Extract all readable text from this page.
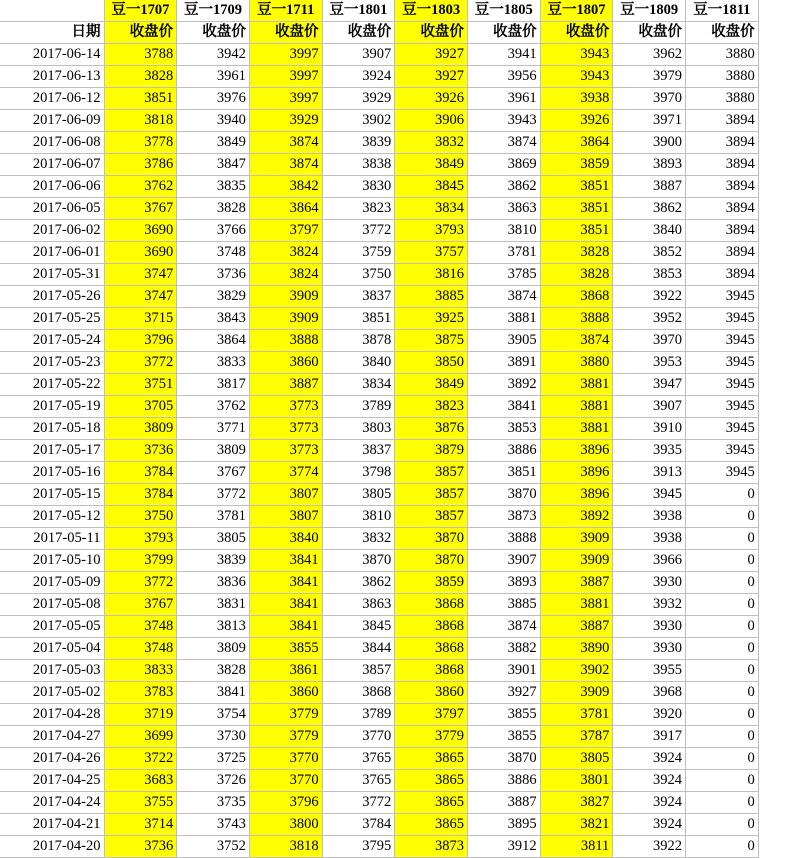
	豆一1707	豆一1709	豆一1711	豆一1801	豆一1803	豆一1805	豆一1807	豆一1809	豆一1811
日期	收盘价	收盘价	收盘价	收盘价	收盘价	收盘价	收盘价	收盘价	收盘价
2017-06-14	3788	3942	3997	3907	3927	3941	3943	3962	3880
2017-06-13	3828	3961	3997	3924	3927	3956	3943	3979	3880
2017-06-12	3851	3976	3997	3929	3926	3961	3938	3970	3880
2017-06-09	3818	3940	3929	3902	3906	3943	3926	3971	3894
2017-06-08	3778	3849	3874	3839	3832	3874	3864	3900	3894
2017-06-07	3786	3847	3874	3838	3849	3869	3859	3893	3894
2017-06-06	3762	3835	3842	3830	3845	3862	3851	3887	3894
2017-06-05	3767	3828	3864	3823	3834	3863	3851	3862	3894
2017-06-02	3690	3766	3797	3772	3793	3810	3851	3840	3894
2017-06-01	3690	3748	3824	3759	3757	3781	3828	3852	3894
2017-05-31	3747	3736	3824	3750	3816	3785	3828	3853	3894
2017-05-26	3747	3829	3909	3837	3885	3874	3868	3922	3945
2017-05-25	3715	3843	3909	3851	3925	3881	3888	3952	3945
2017-05-24	3796	3864	3888	3878	3875	3905	3874	3970	3945
2017-05-23	3772	3833	3860	3840	3850	3891	3880	3953	3945
2017-05-22	3751	3817	3887	3834	3849	3892	3881	3947	3945
2017-05-19	3705	3762	3773	3789	3823	3841	3881	3907	3945
2017-05-18	3809	3771	3773	3803	3876	3853	3881	3910	3945
2017-05-17	3736	3809	3773	3837	3879	3886	3896	3935	3945
2017-05-16	3784	3767	3774	3798	3857	3851	3896	3913	3945
2017-05-15	3784	3772	3807	3805	3857	3870	3896	3945	0
2017-05-12	3750	3781	3807	3810	3857	3873	3892	3938	0
2017-05-11	3793	3805	3840	3832	3870	3888	3909	3938	0
2017-05-10	3799	3839	3841	3870	3870	3907	3909	3966	0
2017-05-09	3772	3836	3841	3862	3859	3893	3887	3930	0
2017-05-08	3767	3831	3841	3863	3868	3885	3881	3932	0
2017-05-05	3748	3813	3841	3845	3868	3874	3887	3930	0
2017-05-04	3748	3809	3855	3844	3868	3882	3890	3930	0
2017-05-03	3833	3828	3861	3857	3868	3901	3902	3955	0
2017-05-02	3783	3841	3860	3868	3860	3927	3909	3968	0
2017-04-28	3719	3754	3779	3789	3797	3855	3781	3920	0
2017-04-27	3699	3730	3779	3770	3779	3855	3787	3917	0
2017-04-26	3722	3725	3770	3765	3865	3870	3805	3924	0
2017-04-25	3683	3726	3770	3765	3865	3886	3801	3924	0
2017-04-24	3755	3735	3796	3772	3865	3887	3827	3924	0
2017-04-21	3714	3743	3800	3784	3865	3895	3821	3924	0
2017-04-20	3736	3752	3818	3795	3873	3912	3811	3922	0
